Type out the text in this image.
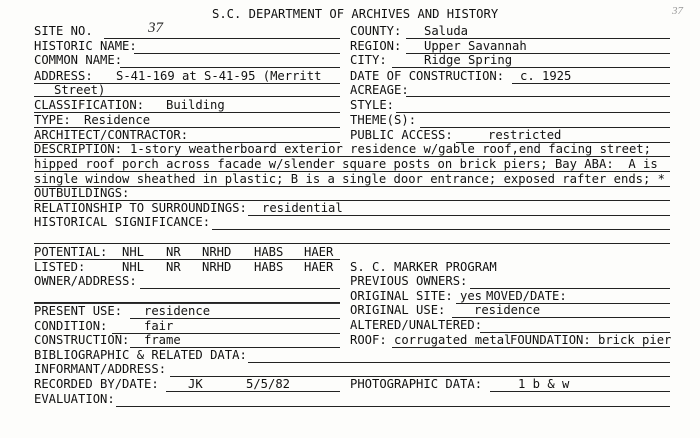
S.C. DEPARTMENT OF ARCHIVES AND HISTORY	37
SITE NO.	37
HISTORIC NAME:
COMMON NAME:
ADDRESS: S-41-169 at S-41-95 (Merritt
Street)
CLASSIFICATION: Building
TYPE: Residence
ARCHITECT/CONTRACTOR:
COUNTY: Saluda
REGION: Upper Savannah
CITY:	Ridge Spring
DATE OF CONSTRUCTION: c. 1925
ACREAGE:
STYLE:
THEME(S):
PUBLIC ACCESS:	restricted
DESCRIPTION: 1-story weatherboard exterior residence w/gable roof,end facing street;
hipped roof porch across facade w/slender square posts on brick piers; Bay ABA:  A is
single window sheathed in plastic; B is a single door entrance; exposed rafter ends; *
OUTBUILDINGS:
RELATIONSHIP TO SURROUNDINGS: residential
HISTORICAL SIGNIFICANCE:
POTENTIAL: NHL NR NRHD HABS HAER
LISTED:	NHL NR NRHD HABS HAER
OWNER/ADDRESS:
S. C. MARKER PROGRAM
PREVIOUS OWNERS:
ORIGINAL SITE: yes MOVED/DATE:
ORIGINAL USE: residence
ALTERED/UNALTERED:
ROOF: corrugated metal
FOUNDATION: brick pier
PRESENT USE: residence
CONDITION:	fair
CONSTRUCTION: frame
BIBLIOGRAPHIC & RELATED DATA:
INFORMANT/ADDRESS:
RECORDED BY/DATE: JK	5/5/82	PHOTOGRAPHIC DATA:	1 b & w
EVALUATION:
